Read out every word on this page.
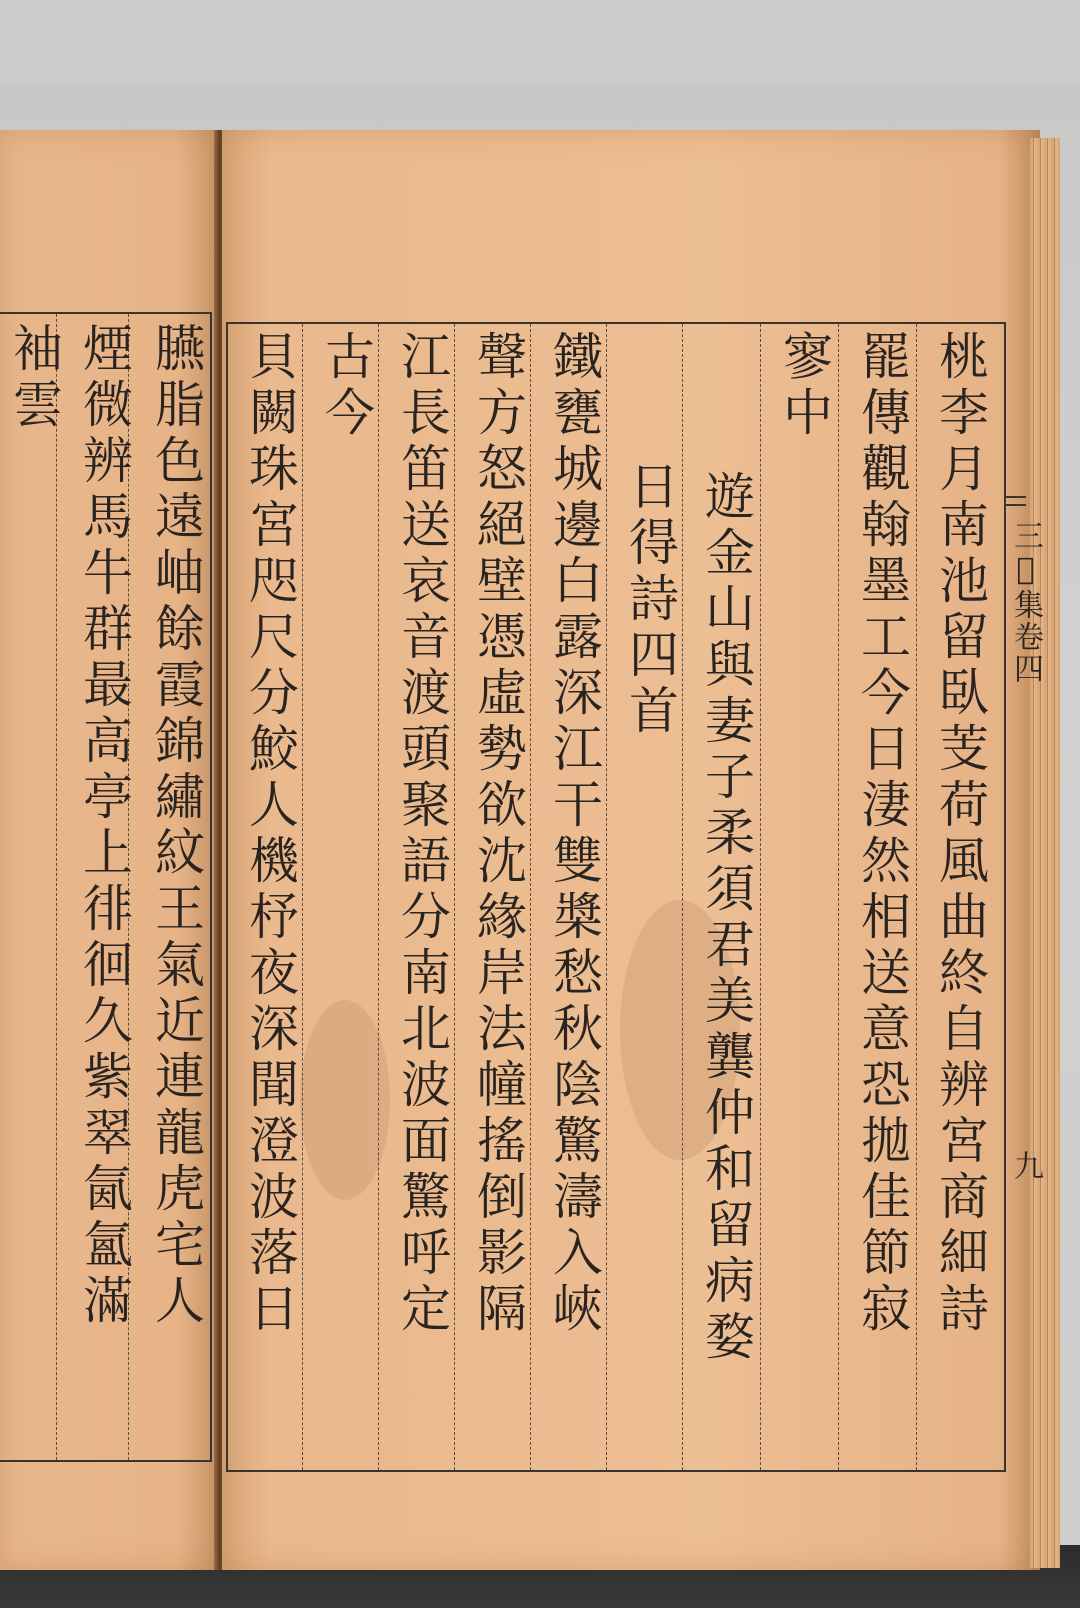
臙脂色遠岫餘霞錦繡紋王氣近連龍虎宅人
煙微辨馬牛群最高亭上徘徊久紫翠氤氳滿
袖雲	桃李月南池留臥芰荷風曲終自辨宮商細詩
罷傳觀翰墨工今日淒然相送意恐拋佳節寂
寥中
遊金山與妻子柔須君美龔仲和留病婺
日得詩四首
鐵甕城邊白露深江干雙槳愁秋陰驚濤入峽
聲方怒絕壁憑虛勢欲沈緣岸法幢搖倒影隔
江長笛送哀音渡頭聚語分南北波面驚呼定
古今
貝闕珠宮咫尺分鮫人機杼夜深聞澄波落日	三𡯆集卷四
九
